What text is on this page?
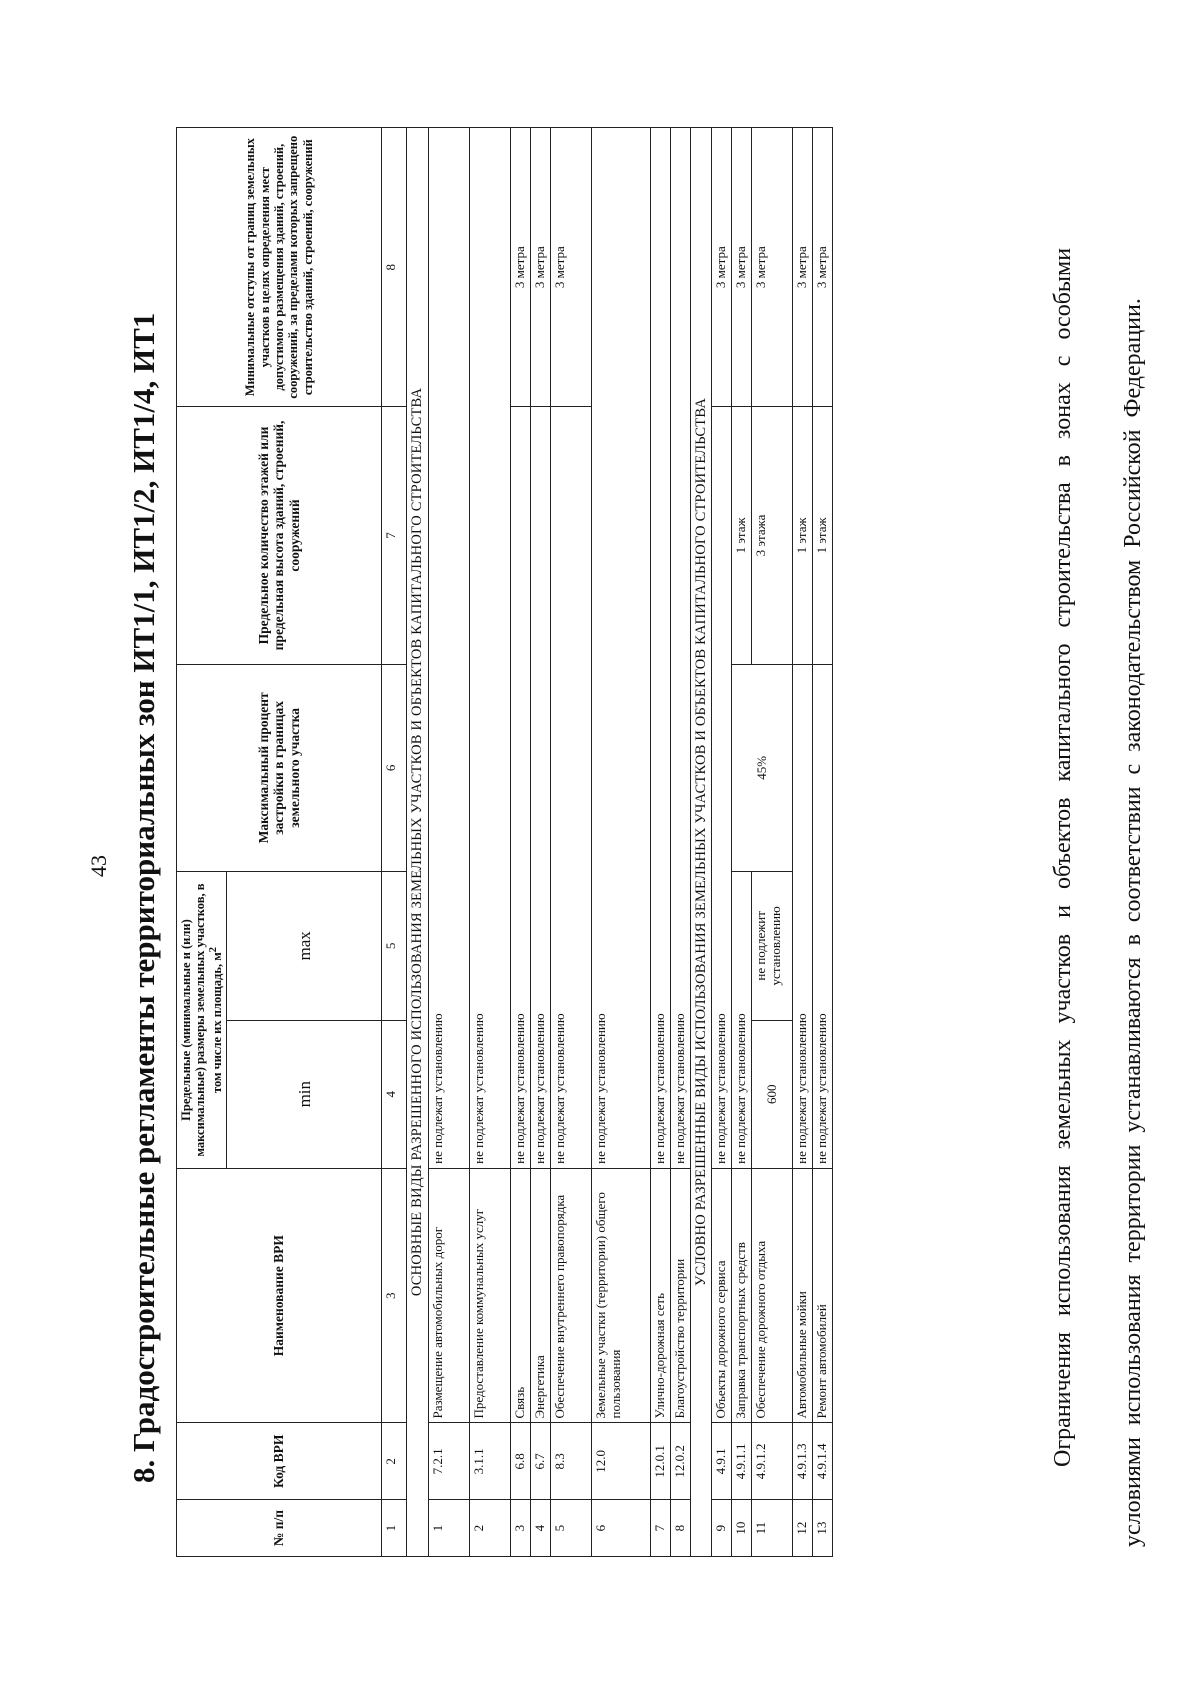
43 8. Градостроительные регламенты территориальных зон ИТ1/1, ИТ1/2, ИТ1/4, ИТ1
№ п/п	Код ВРИ	Наименование ВРИ	Предельные (минимальные и (или) максимальные) размеры земельных участков, в том числе их площадь, $м^2$		Максимальный процент застройки в границах земельного участка	Предельное количество этажей или предельная высота зданий, строений, сооружений	Минимальные отступы от границ земельных участков в целях определения мест допустимого размещения зданий, строений, сооружений, за пределами которых запрещено строительство зданий, строений, сооружений
			min	max			
1	2	3	4	5	6	7	8
ОСНОВНЫЕ ВИДЫ РАЗРЕШЕННОГО ИСПОЛЬЗОВАНИЯ ЗЕМЕЛЬНЫХ УЧАСТКОВ И ОБЪЕКТОВ КАПИТАЛЬНОГО СТРОИТЕЛЬСТВА							
1	7.2.1	Размещение автомобильных дорог	не подлежат установлению				
2	3.1.1	Предоставление коммунальных услуг	не подлежат установлению				
3	6.8	Связь	не подлежат установлению				3 метра
4	6.7	Энергетика	не подлежат установлению				3 метра
5	8.3	Обеспечение внутреннего правопорядка	не подлежат установлению				3 метра
6	12.0	Земельные участки (территории) общего пользования	не подлежат установлению				
7	12.0.1	Улично-дорожная сеть	не подлежат установлению				
8	12.0.2	Благоустройство территории	не подлежат установлению				
УСЛОВНО РАЗРЕШЕННЫЕ ВИДЫ ИСПОЛЬЗОВАНИЯ ЗЕМЕЛЬНЫХ УЧАСТКОВ И ОБЪЕКТОВ КАПИТАЛЬНОГО СТРОИТЕЛЬСТВА							
9	4.9.1	Объекты дорожного сервиса	не подлежат установлению				3 метра
10	4.9.1.1	Заправка транспортных средств	не подлежат установлению		45%	1 этаж	3 метра
11	4.9.1.2	Обеспечение дорожного отдыха	600	не подлежит установлению		3 этажа	3 метра
12	4.9.1.3	Автомобильные мойки	не подлежат установлению			1 этаж	3 метра
13	4.9.1.4	Ремонт автомобилей	не подлежат установлению			1 этаж	3 метра	Ограничения использования земельных участков и объектов капитального строительства в зонах с особыми условиями использования территории устанавливаются в соответствии с законодательством Российской Федерации.
